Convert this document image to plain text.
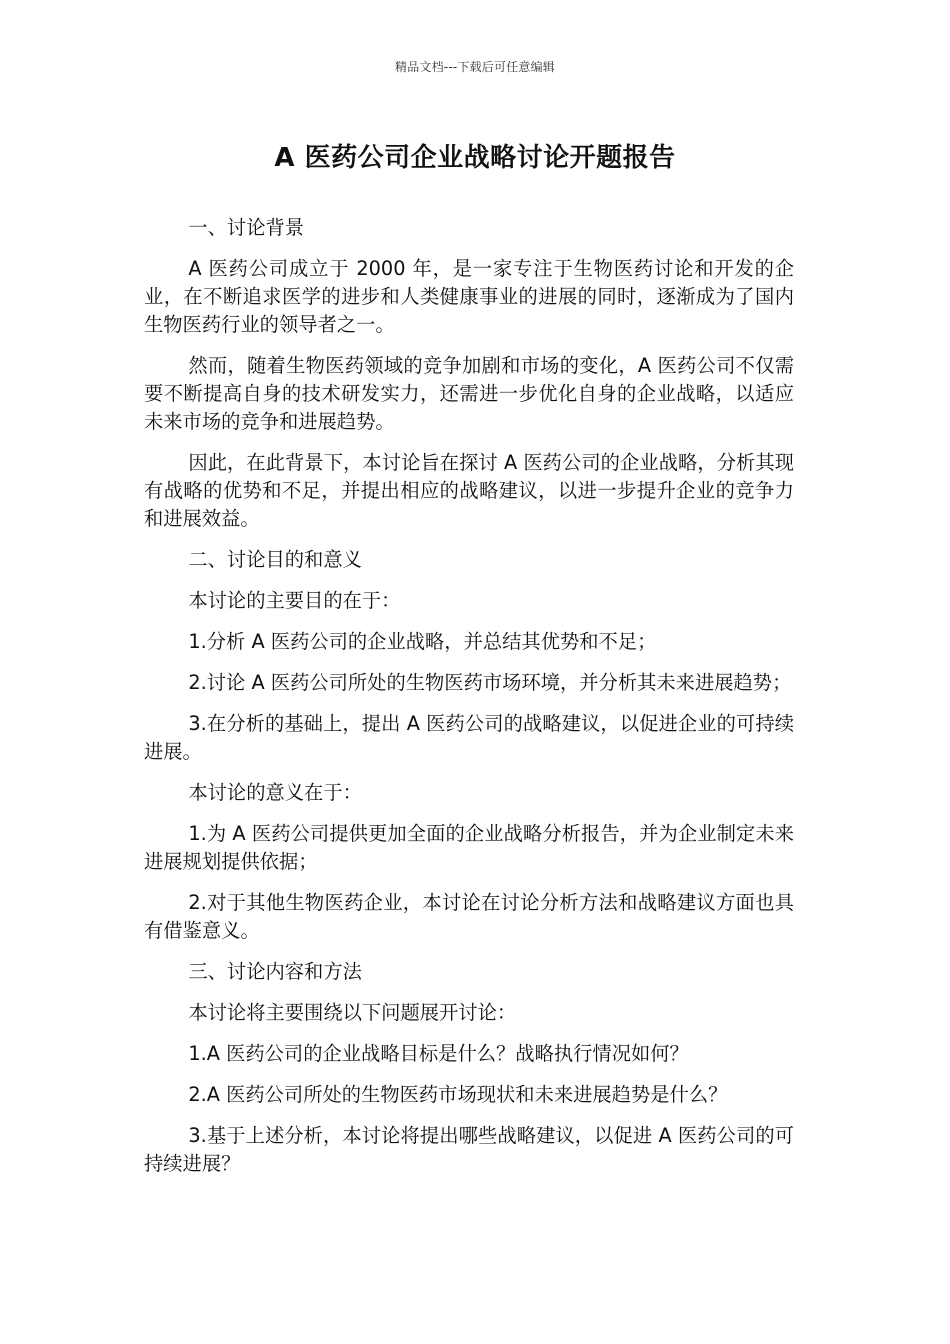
精品文档---下载后可任意编辑
A 医药公司企业战略讨论开题报告

一、讨论背景

A 医药公司成立于 2000 年，是一家专注于生物医药讨论和开发的企业，在不断追求医学的进步和人类健康事业的进展的同时，逐渐成为了国内生物医药行业的领导者之一。

然而，随着生物医药领域的竞争加剧和市场的变化，A 医药公司不仅需要不断提高自身的技术研发实力，还需进一步优化自身的企业战略，以适应未来市场的竞争和进展趋势。

因此，在此背景下，本讨论旨在探讨 A 医药公司的企业战略，分析其现有战略的优势和不足，并提出相应的战略建议，以进一步提升企业的竞争力和进展效益。

二、讨论目的和意义

本讨论的主要目的在于：

1.分析 A 医药公司的企业战略，并总结其优势和不足；

2.讨论 A 医药公司所处的生物医药市场环境，并分析其未来进展趋势；

3.在分析的基础上，提出 A 医药公司的战略建议，以促进企业的可持续进展。

本讨论的意义在于：

1.为 A 医药公司提供更加全面的企业战略分析报告，并为企业制定未来进展规划提供依据；

2.对于其他生物医药企业，本讨论在讨论分析方法和战略建议方面也具有借鉴意义。

三、讨论内容和方法

本讨论将主要围绕以下问题展开讨论：

1.A 医药公司的企业战略目标是什么？战略执行情况如何？

2.A 医药公司所处的生物医药市场现状和未来进展趋势是什么？

3.基于上述分析，本讨论将提出哪些战略建议，以促进 A 医药公司的可持续进展？
